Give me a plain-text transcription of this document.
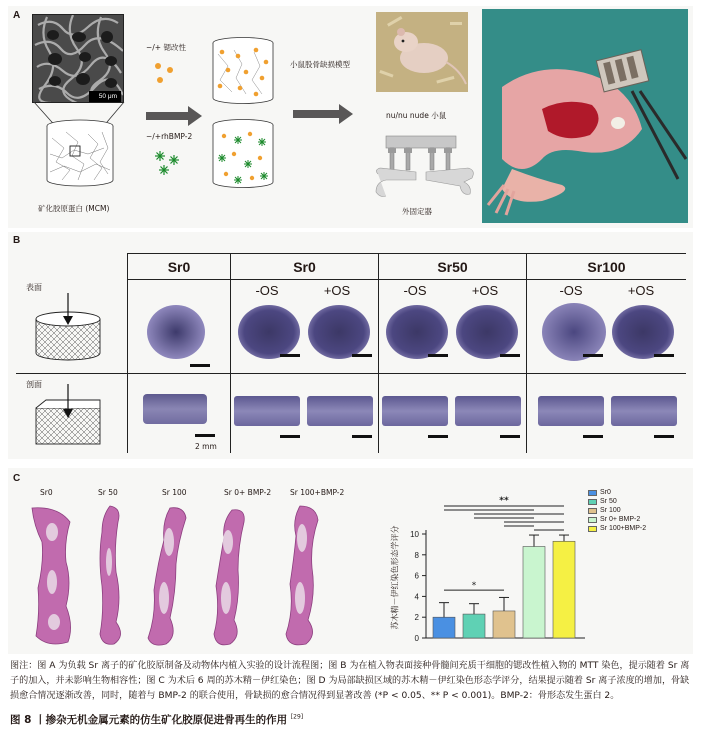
A
50 μm
矿化胶原蛋白 (MCM)
−/+ 锶改性
−/+rhBMP-2
小鼠股骨缺损模型
nu/nu nude 小鼠
外固定器
B
Sr0	Sr0	Sr50	Sr100
-OS	+OS	-OS	+OS	-OS	+OS
表面
剖面
2 mm
C
Sr0	Sr 50	Sr 100	Sr 0+ BMP-2	Sr 100+BMP-2
苏木精－伊红染色形态学评分
0
2
4
6
8
10
*
**
Sr0
Sr 50
Sr 100
Sr 0+ BMP-2
Sr 100+BMP-2
图注：图 A 为负载 Sr 离子的矿化胶原制备及动物体内植入实验的设计流程图；图 B 为在植入物表面接种骨髓间充质干细胞的锶改性植入物的 MTT 染色，提示随着 Sr 离子的加入，并未影响生物相容性；图 C 为术后 6 周的苏木精－伊红染色；图 D 为局部缺损区域的苏木精－伊红染色形态学评分，结果提示随着 Sr 离子浓度的增加，骨缺损愈合情况逐渐改善，同时，随着与 BMP-2 的联合使用，骨缺损的愈合情况得到显著改善 (*P < 0.05、** P < 0.001)。BMP-2：骨形态发生蛋白 2。
图 8 丨掺杂无机金属元素的仿生矿化胶原促进骨再生的作用 [29]
